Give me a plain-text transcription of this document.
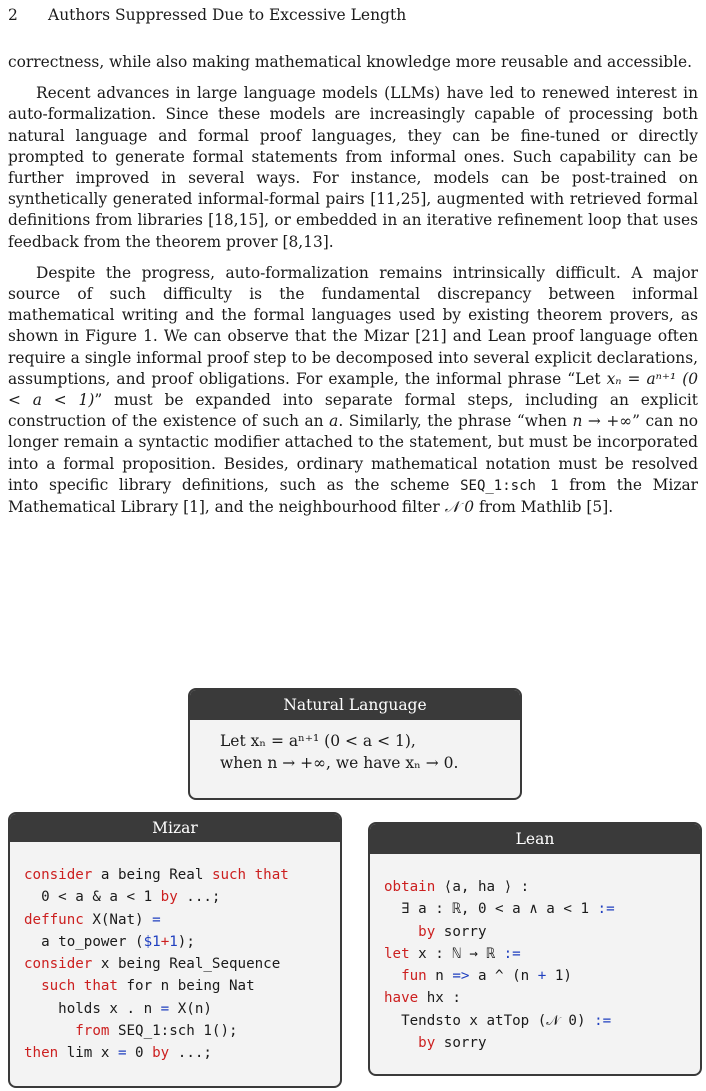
2 Authors Suppressed Due to Excessive Length

correctness, while also making mathematical knowledge more reusable and accessible.

Recent advances in large language models (LLMs) have led to renewed interest in auto-formalization. Since these models are increasingly capable of processing both natural language and formal proof languages, they can be fine-tuned or directly prompted to generate formal statements from informal ones. Such capability can be further improved in several ways. For instance, models can be post-trained on synthetically generated informal-formal pairs [11,25], augmented with retrieved formal definitions from libraries [18,15], or embedded in an iterative refinement loop that uses feedback from the theorem prover [8,13].

Despite the progress, auto-formalization remains intrinsically difficult. A major source of such difficulty is the fundamental discrepancy between informal mathematical writing and the formal languages used by existing theorem provers, as shown in Figure 1. We can observe that the Mizar [21] and Lean proof language often require a single informal proof step to be decomposed into several explicit declarations, assumptions, and proof obligations. For example, the informal phrase “Let xₙ = aⁿ⁺¹ (0 < a < 1)” must be expanded into separate formal steps, including an explicit construction of the existence of such an a. Similarly, the phrase “when n → +∞” can no longer remain a syntactic modifier attached to the statement, but must be incorporated into a formal proposition. Besides, ordinary mathematical notation must be resolved into specific library definitions, such as the scheme SEQ_1:sch 1 from the Mizar Mathematical Library [1], and the neighbourhood filter 𝒩 0 from Mathlib [5].

Natural Language
Let xₙ = aⁿ⁺¹ (0 < a < 1),
when n → +∞, we have xₙ → 0.
Mizar
consider a being Real such that
0 < a & a < 1 by ...;
deffunc X(Nat) =
a to_power ($1+1);
consider x being Real_Sequence
such that for n being Nat
holds x . n = X(n)
from SEQ_1:sch 1();
then lim x = 0 by ...;
Lean
obtain ⟨a, ha ⟩ :
∃ a : ℝ, 0 < a ∧ a < 1 :=
by sorry
let x : ℕ → ℝ :=
fun n => a ^ (n + 1)
have hx :
Tendsto x atTop (𝒩 0) :=
by sorry
